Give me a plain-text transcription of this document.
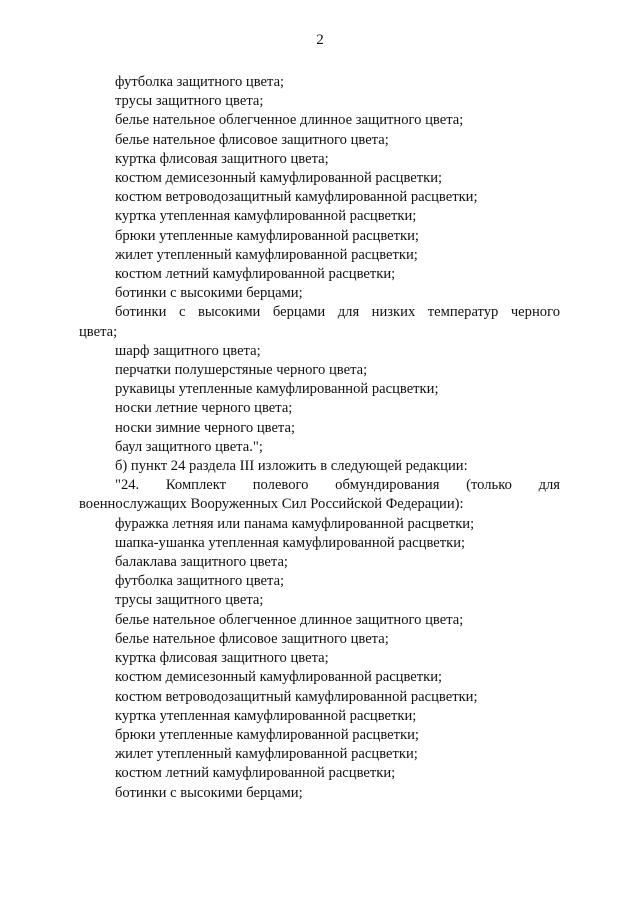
2
футболка защитного цвета;
трусы защитного цвета;
белье нательное облегченное длинное защитного цвета;
белье нательное флисовое защитного цвета;
куртка флисовая защитного цвета;
костюм демисезонный камуфлированной расцветки;
костюм ветроводозащитный камуфлированной расцветки;
куртка утепленная камуфлированной расцветки;
брюки утепленные камуфлированной расцветки;
жилет утепленный камуфлированной расцветки;
костюм летний камуфлированной расцветки;
ботинки с высокими берцами;
ботинки с высокими берцами для низких температур черного
цвета;
шарф защитного цвета;
перчатки полушерстяные черного цвета;
рукавицы утепленные камуфлированной расцветки;
носки летние черного цвета;
носки зимние черного цвета;
баул защитного цвета.";
б) пункт 24 раздела III изложить в следующей редакции:
"24. Комплект полевого обмундирования (только для
военнослужащих Вооруженных Сил Российской Федерации):
фуражка летняя или панама камуфлированной расцветки;
шапка-ушанка утепленная камуфлированной расцветки;
балаклава защитного цвета;
футболка защитного цвета;
трусы защитного цвета;
белье нательное облегченное длинное защитного цвета;
белье нательное флисовое защитного цвета;
куртка флисовая защитного цвета;
костюм демисезонный камуфлированной расцветки;
костюм ветроводозащитный камуфлированной расцветки;
куртка утепленная камуфлированной расцветки;
брюки утепленные камуфлированной расцветки;
жилет утепленный камуфлированной расцветки;
костюм летний камуфлированной расцветки;
ботинки с высокими берцами;
